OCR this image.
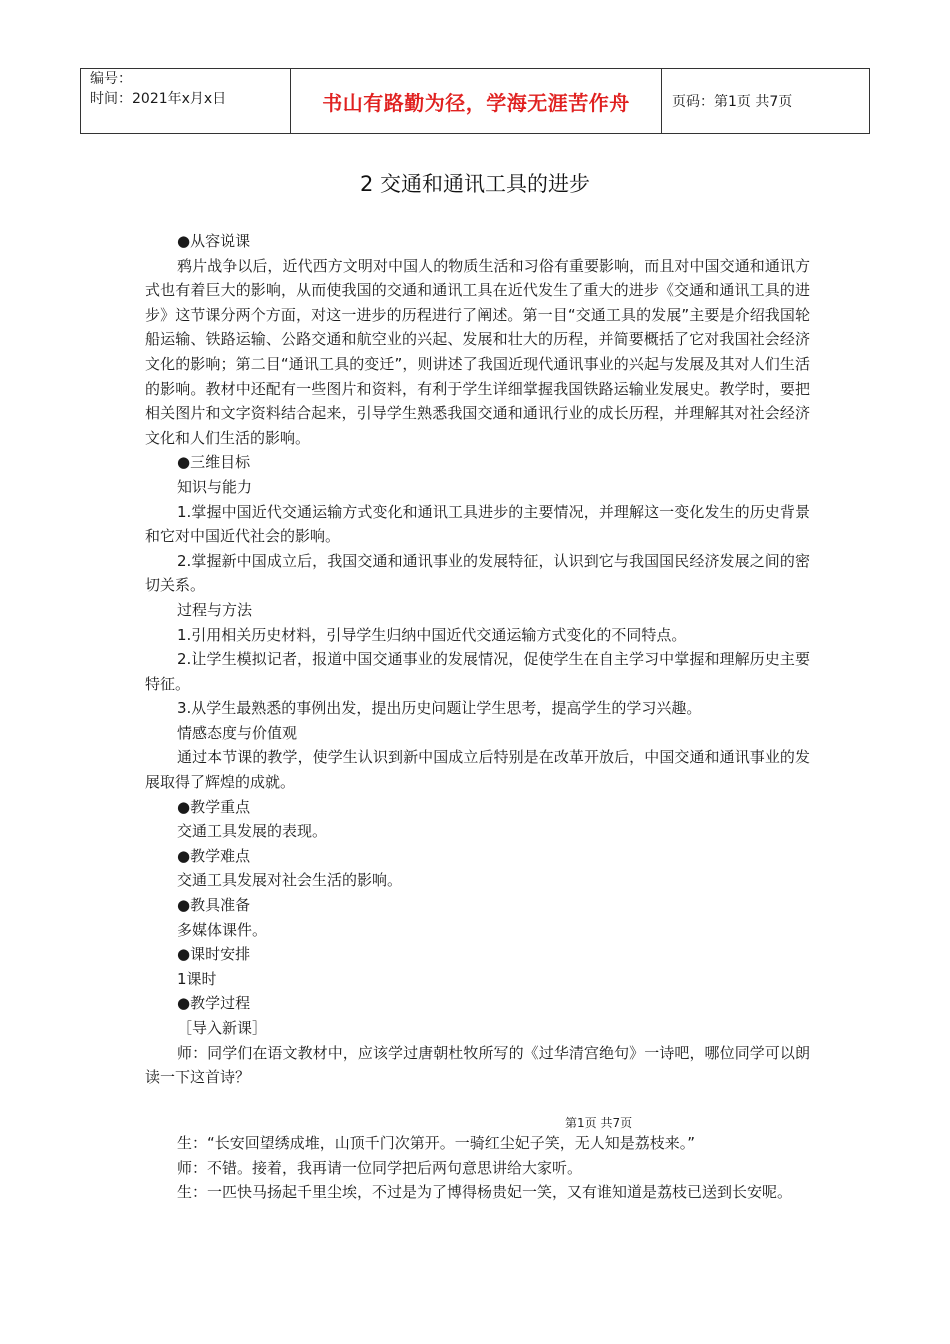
编号：
时间：2021年x月x日	书山有路勤为径，学海无涯苦作舟	页码：第1页 共7页
2 交通和通讯工具的进步

●从容说课

鸦片战争以后，近代西方文明对中国人的物质生活和习俗有重要影响，而且对中国交通和通讯方式也有着巨大的影响，从而使我国的交通和通讯工具在近代发生了重大的进步《交通和通讯工具的进步》这节课分两个方面，对这一进步的历程进行了阐述。第一目“交通工具的发展”主要是介绍我国轮船运输、铁路运输、公路交通和航空业的兴起、发展和壮大的历程，并简要概括了它对我国社会经济文化的影响；第二目“通讯工具的变迁”，则讲述了我国近现代通讯事业的兴起与发展及其对人们生活的影响。教材中还配有一些图片和资料，有利于学生详细掌握我国铁路运输业发展史。教学时，要把相关图片和文字资料结合起来，引导学生熟悉我国交通和通讯行业的成长历程，并理解其对社会经济文化和人们生活的影响。

●三维目标

知识与能力

1.掌握中国近代交通运输方式变化和通讯工具进步的主要情况，并理解这一变化发生的历史背景和它对中国近代社会的影响。

2.掌握新中国成立后，我国交通和通讯事业的发展特征，认识到它与我国国民经济发展之间的密切关系。

过程与方法

1.引用相关历史材料，引导学生归纳中国近代交通运输方式变化的不同特点。

2.让学生模拟记者，报道中国交通事业的发展情况，促使学生在自主学习中掌握和理解历史主要特征。

3.从学生最熟悉的事例出发，提出历史问题让学生思考，提高学生的学习兴趣。

情感态度与价值观

通过本节课的教学，使学生认识到新中国成立后特别是在改革开放后，中国交通和通讯事业的发展取得了辉煌的成就。

●教学重点

交通工具发展的表现。

●教学难点

交通工具发展对社会生活的影响。

●教具准备

多媒体课件。

●课时安排

1课时

●教学过程

［导入新课］

师：同学们在语文教材中，应该学过唐朝杜牧所写的《过华清宫绝句》一诗吧，哪位同学可以朗读一下这首诗？

第1页 共7页

生：“长安回望绣成堆，山顶千门次第开。一骑红尘妃子笑，无人知是荔枝来。”

师：不错。接着，我再请一位同学把后两句意思讲给大家听。

生：一匹快马扬起千里尘埃，不过是为了博得杨贵妃一笑，又有谁知道是荔枝已送到长安呢。
